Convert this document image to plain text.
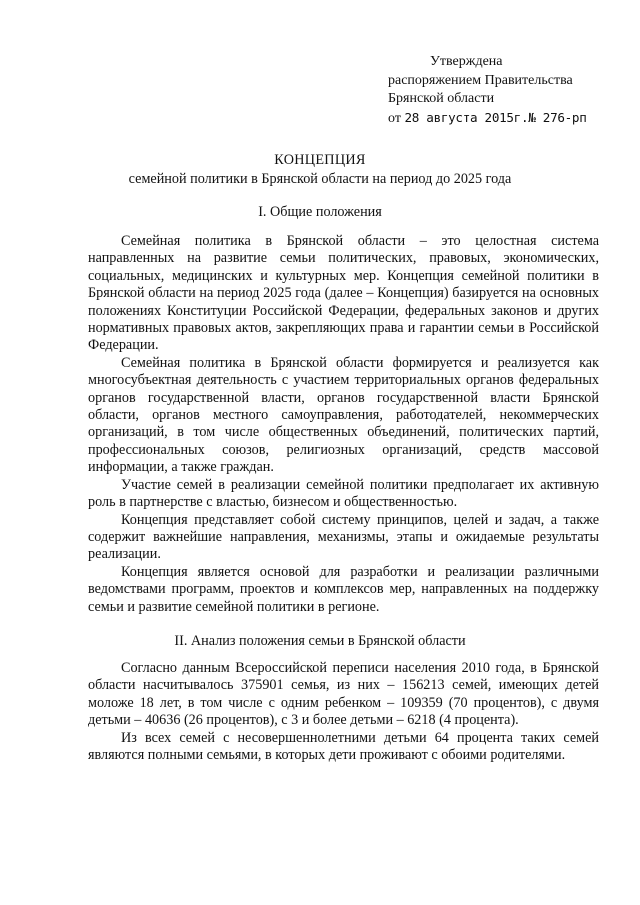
Утверждена
распоряжением Правительства
Брянской области
от 28 августа 2015г.№ 276-рп
КОНЦЕПЦИЯ
семейной политики в Брянской области на период до 2025 года
I. Общие положения

Семейная политика в Брянской области – это целостная система направленных на развитие семьи политических, правовых, экономических, социальных, медицинских и культурных мер. Концепция семейной политики в Брянской области на период 2025 года (далее – Концепция) базируется на основных положениях Конституции Российской Федерации, федеральных законов и других нормативных правовых актов, закрепляющих права и гарантии семьи в Российской Федерации.

Семейная политика в Брянской области формируется и реализуется как многосубъектная деятельность с участием территориальных органов федеральных органов государственной власти, органов государственной власти Брянской области, органов местного самоуправления, работодателей, некоммерческих организаций, в том числе общественных объединений, политических партий, профессиональных союзов, религиозных организаций, средств массовой информации, а также граждан.

Участие семей в реализации семейной политики предполагает их активную роль в партнерстве с властью, бизнесом и общественностью.

Концепция представляет собой систему принципов, целей и задач, а также содержит важнейшие направления, механизмы, этапы и ожидаемые результаты реализации.

Концепция является основой для разработки и реализации различными ведомствами программ, проектов и комплексов мер, направленных на поддержку семьи и развитие семейной политики в регионе.

II. Анализ положения семьи в Брянской области

Согласно данным Всероссийской переписи населения 2010 года, в Брянской области насчитывалось 375901 семья, из них – 156213 семей, имеющих детей моложе 18 лет, в том числе с одним ребенком – 109359 (70 процентов), с двумя детьми – 40636 (26 процентов), с 3 и более детьми – 6218 (4 процента).

Из всех семей с несовершеннолетними детьми 64 процента таких семей являются полными семьями, в которых дети проживают с обоими родителями.
